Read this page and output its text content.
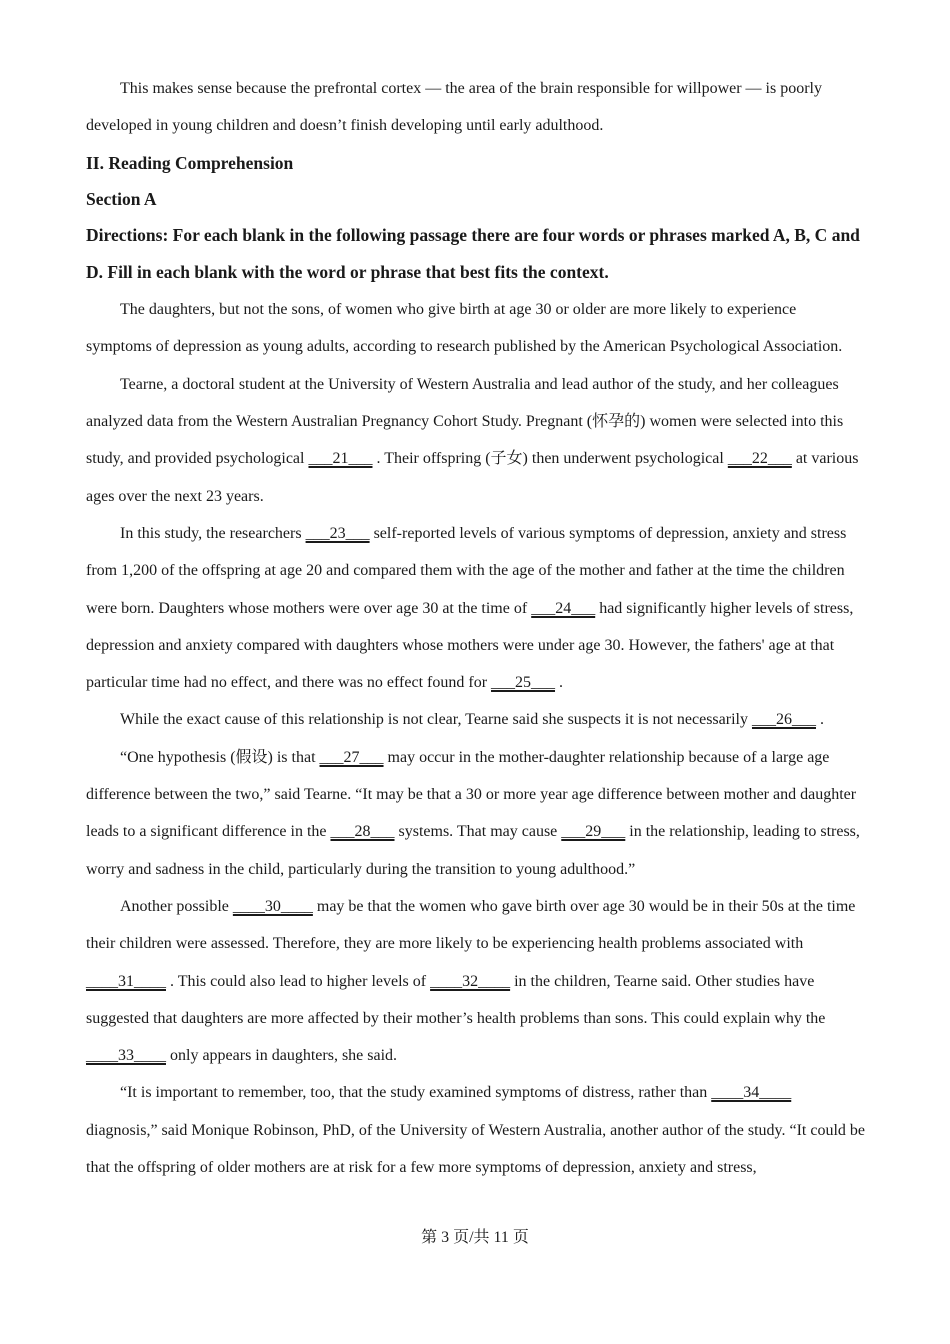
This makes sense because the prefrontal cortex — the area of the brain responsible for willpower — is poorly developed in young children and doesn’t finish developing until early adulthood.

II. Reading Comprehension

Section A

Directions: For each blank in the following passage there are four words or phrases marked A, B, C and D. Fill in each blank with the word or phrase that best fits the context.

The daughters, but not the sons, of women who give birth at age 30 or older are more likely to experience symptoms of depression as young adults, according to research published by the American Psychological Association.

Tearne, a doctoral student at the University of Western Australia and lead author of the study, and her colleagues analyzed data from the Western Australian Pregnancy Cohort Study. Pregnant (怀孕的) women were selected into this study, and provided psychological ___21___ . Their offspring (子女) then underwent psychological ___22___ at various ages over the next 23 years.

In this study, the researchers ___23___ self-reported levels of various symptoms of depression, anxiety and stress from 1,200 of the offspring at age 20 and compared them with the age of the mother and father at the time the children were born. Daughters whose mothers were over age 30 at the time of ___24___ had significantly higher levels of stress, depression and anxiety compared with daughters whose mothers were under age 30. However, the fathers' age at that particular time had no effect, and there was no effect found for ___25___ .

While the exact cause of this relationship is not clear, Tearne said she suspects it is not necessarily ___26___ .

“One hypothesis (假设) is that ___27___ may occur in the mother-daughter relationship because of a large age difference between the two,” said Tearne. “It may be that a 30 or more year age difference between mother and daughter leads to a significant difference in the ___28___ systems. That may cause ___29___ in the relationship, leading to stress, worry and sadness in the child, particularly during the transition to young adulthood.”

Another possible ____30____ may be that the women who gave birth over age 30 would be in their 50s at the time their children were assessed. Therefore, they are more likely to be experiencing health problems associated with ____31____ . This could also lead to higher levels of ____32____ in the children, Tearne said. Other studies have suggested that daughters are more affected by their mother’s health problems than sons. This could explain why the ____33____ only appears in daughters, she said.

“It is important to remember, too, that the study examined symptoms of distress, rather than ____34____ diagnosis,” said Monique Robinson, PhD, of the University of Western Australia, another author of the study. “It could be that the offspring of older mothers are at risk for a few more symptoms of depression, anxiety and stress,

第 3 页/共 11 页
